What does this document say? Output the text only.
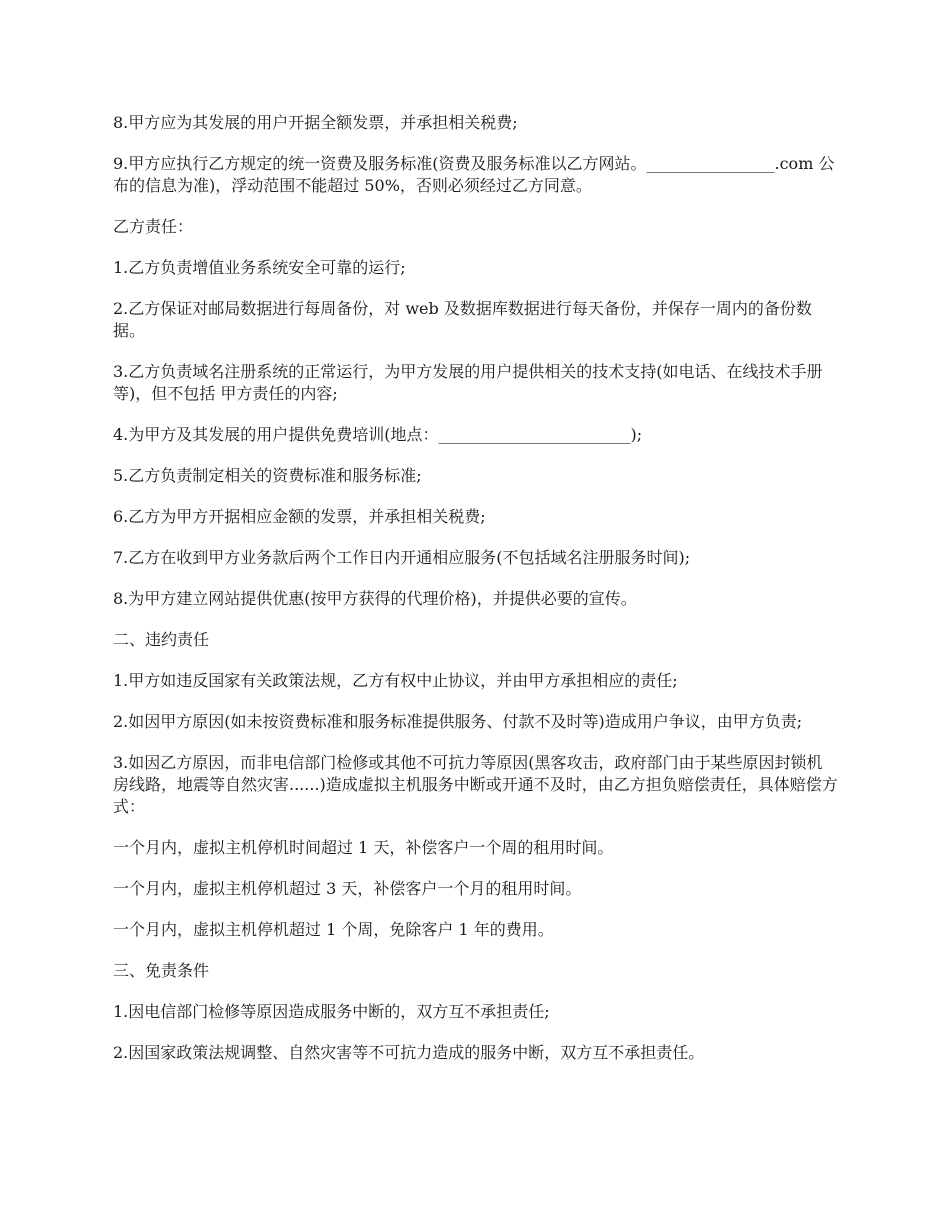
8.甲方应为其发展的用户开据全额发票，并承担相关税费;

9.甲方应执行乙方规定的统一资费及服务标准(资费及服务标准以乙方网站。________________.com 公布的信息为准)，浮动范围不能超过 50%，否则必须经过乙方同意。

乙方责任：

1.乙方负责增值业务系统安全可靠的运行;

2.乙方保证对邮局数据进行每周备份，对 web 及数据库数据进行每天备份，并保存一周内的备份数据。

3.乙方负责域名注册系统的正常运行，为甲方发展的用户提供相关的技术支持(如电话、在线技术手册等)，但不包括 甲方责任的内容;

4.为甲方及其发展的用户提供免费培训(地点：________________________);

5.乙方负责制定相关的资费标准和服务标准;

6.乙方为甲方开据相应金额的发票，并承担相关税费;

7.乙方在收到甲方业务款后两个工作日内开通相应服务(不包括域名注册服务时间);

8.为甲方建立网站提供优惠(按甲方获得的代理价格)，并提供必要的宣传。

二、违约责任

1.甲方如违反国家有关政策法规，乙方有权中止协议，并由甲方承担相应的责任;

2.如因甲方原因(如未按资费标准和服务标准提供服务、付款不及时等)造成用户争议，由甲方负责;

3.如因乙方原因，而非电信部门检修或其他不可抗力等原因(黑客攻击，政府部门由于某些原因封锁机房线路，地震等自然灾害......)造成虚拟主机服务中断或开通不及时，由乙方担负赔偿责任，具体赔偿方式：

一个月内，虚拟主机停机时间超过 1 天，补偿客户一个周的租用时间。

一个月内，虚拟主机停机超过 3 天，补偿客户一个月的租用时间。

一个月内，虚拟主机停机超过 1 个周，免除客户 1 年的费用。

三、免责条件

1.因电信部门检修等原因造成服务中断的，双方互不承担责任;

2.因国家政策法规调整、自然灾害等不可抗力造成的服务中断，双方互不承担责任。
